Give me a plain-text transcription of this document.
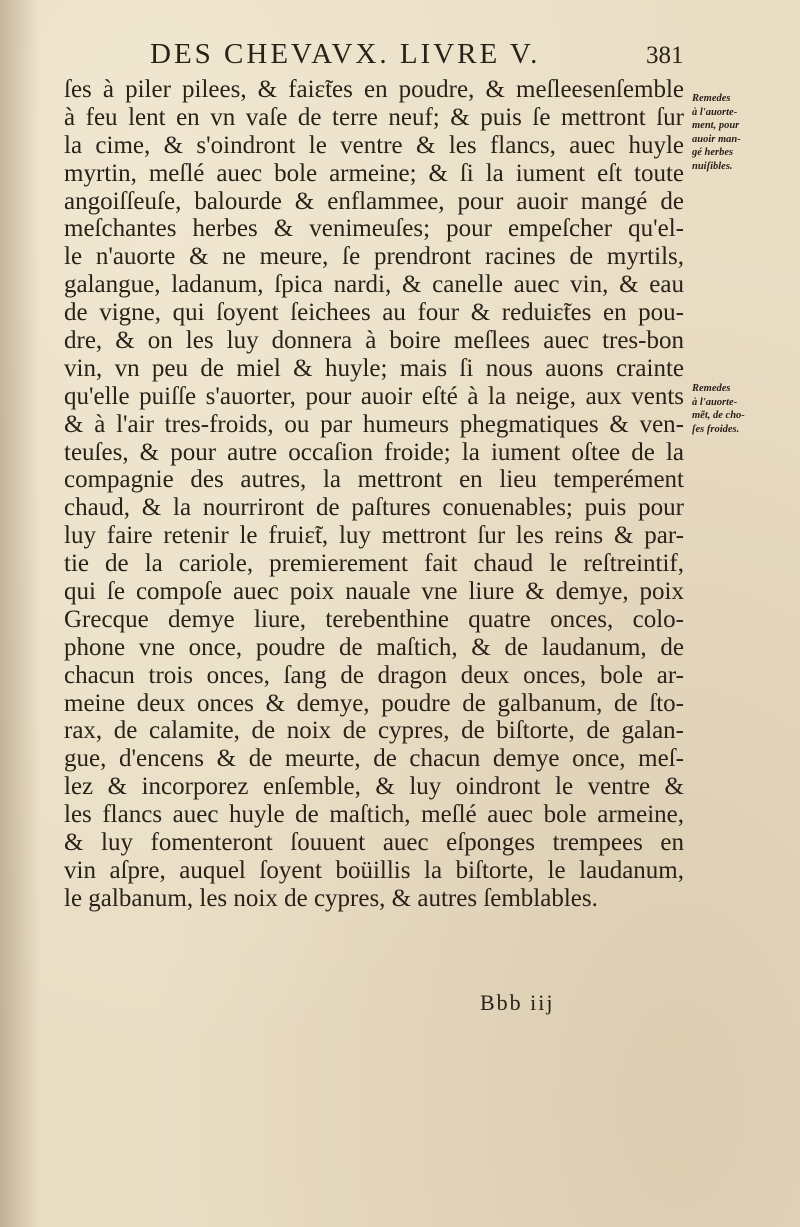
DES CHEVAVX. LIVRE V.	381
ſes à piler pilees, & faiɛ̃tes en poudre, & meſleesenſemble
à feu lent en vn vaſe de terre neuf; & puis ſe mettront ſur
la cime, & s'oindront le ventre & les flancs, auec huyle
myrtin, meſlé auec bole armeine; & ſi la iument eſt toute
angoiſſeuſe, balourde & enflammee, pour auoir mangé de
meſchantes herbes & venimeuſes; pour empeſcher qu'el-
le n'auorte & ne meure, ſe prendront racines de myrtils,
galangue, ladanum, ſpica nardi, & canelle auec vin, & eau
de vigne, qui ſoyent ſeichees au four & reduiɛ̃tes en pou-
dre, & on les luy donnera à boire meſlees auec tres-bon
vin, vn peu de miel & huyle; mais ſi nous auons crainte
qu'elle puiſſe s'auorter, pour auoir eſté à la neige, aux vents
& à l'air tres-froids, ou par humeurs phegmatiques & ven-
teuſes, & pour autre occaſion froide; la iument oſtee de la
compagnie des autres, la mettront en lieu temperément
chaud, & la nourriront de paſtures conuenables; puis pour
luy faire retenir le fruiɛ̃t, luy mettront ſur les reins & par-
tie de la cariole, premierement fait chaud le reſtreintif,
qui ſe compoſe auec poix nauale vne liure & demye, poix
Grecque demye liure, terebenthine quatre onces, colo-
phone vne once, poudre de maſtich, & de laudanum, de
chacun trois onces, ſang de dragon deux onces, bole ar-
meine deux onces & demye, poudre de galbanum, de ſto-
rax, de calamite, de noix de cypres, de biſtorte, de galan-
gue, d'encens & de meurte, de chacun demye once, meſ-
lez & incorporez enſemble, & luy oindront le ventre &
les flancs auec huyle de maſtich, meſlé auec bole armeine,
& luy fomenteront ſouuent auec eſponges trempees en
vin aſpre, auquel ſoyent boüillis la biſtorte, le laudanum,
le galbanum, les noix de cypres, & autres ſemblables.
Remedes
à l'auorte-
ment, pour
auoir man-
gé herbes
nuiſibles.
Remedes
à l'auorte-
mẽt, de cho-
ſes froides.
Bbb iij
